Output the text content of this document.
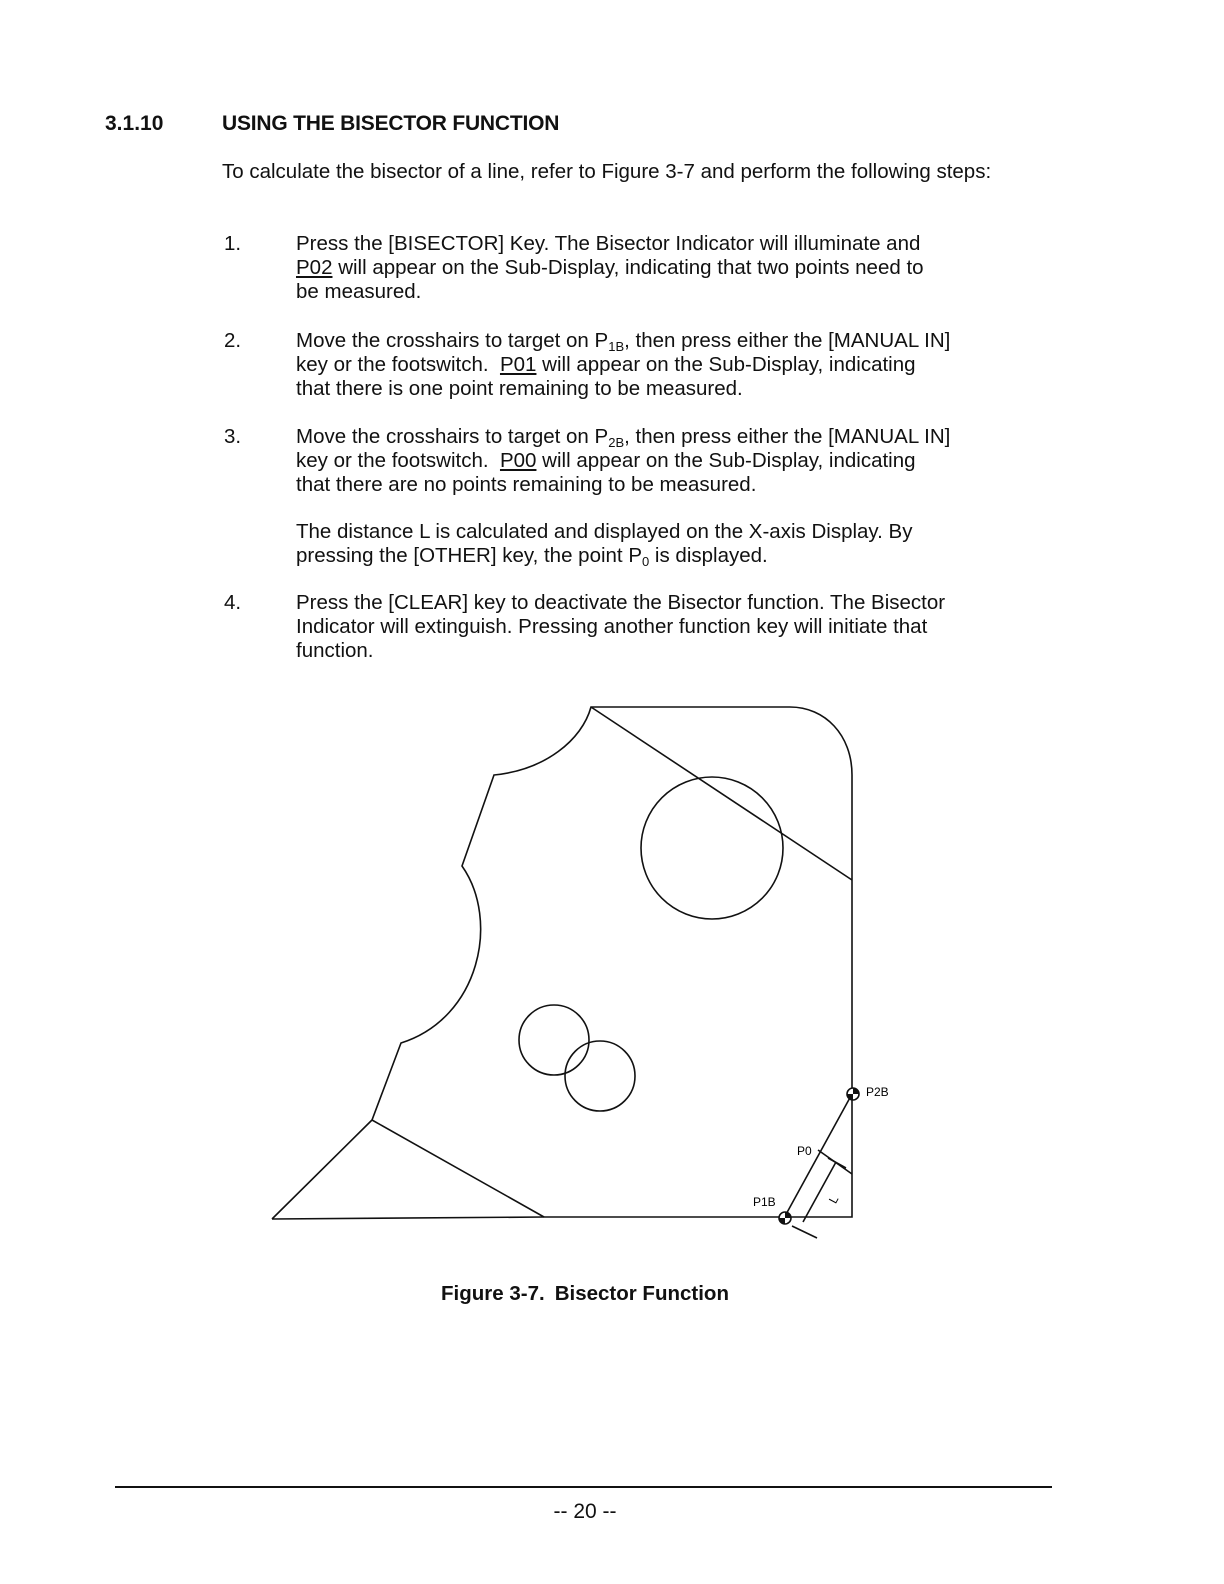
3.1.10	USING THE BISECTOR FUNCTION
To calculate the bisector of a line, refer to Figure 3-7 and perform the following steps:
1.	Press the [BISECTOR] Key. The Bisector Indicator will illuminate and
P02 will appear on the Sub-Display, indicating that two points need to
be measured.
2.	Move the crosshairs to target on $P_{1B}$, then press either the [MANUAL IN]
key or the footswitch. P01 will appear on the Sub-Display, indicating
that there is one point remaining to be measured.
3.	Move the crosshairs to target on $P_{2B}$, then press either the [MANUAL IN]
key or the footswitch. P00 will appear on the Sub-Display, indicating
that there are no points remaining to be measured.
The distance L is calculated and displayed on the X-axis Display. By
pressing the [OTHER] key, the point $P_0$ is displayed.
4.	Press the [CLEAR] key to deactivate the Bisector function. The Bisector
Indicator will extinguish. Pressing another function key will initiate that
function.
P2B
P0
P1B	L
Figure 3-7. Bisector Function
-- 20 --
